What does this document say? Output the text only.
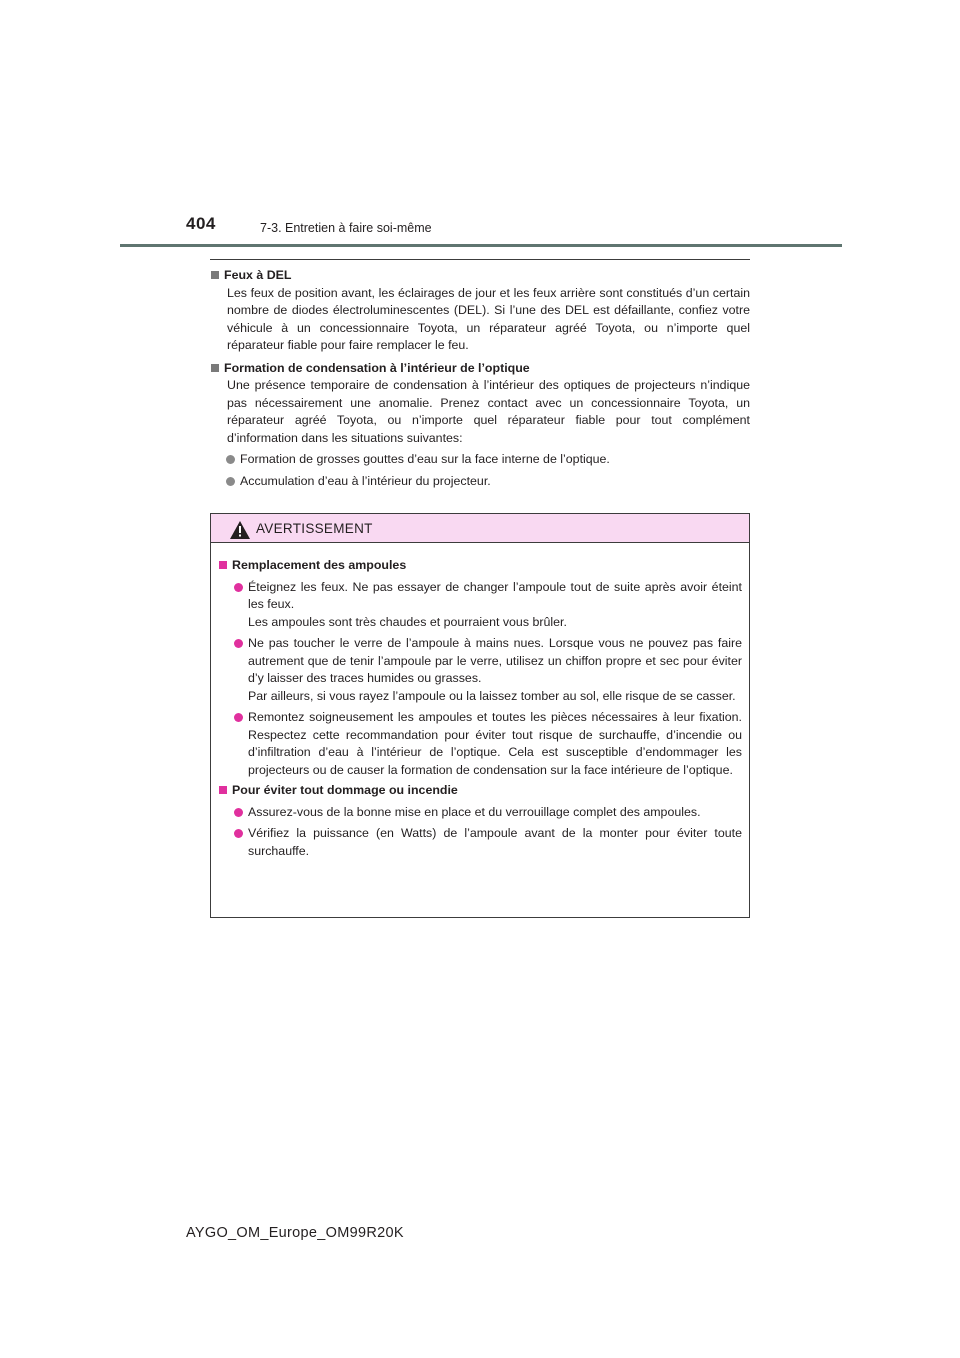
404	7-3. Entretien à faire soi-même
Feux à DEL

Les feux de position avant, les éclairages de jour et les feux arrière sont constitués d’un certain nombre de diodes électroluminescentes (DEL). Si l’une des DEL est défaillante, confiez votre véhicule à un concessionnaire Toyota, un réparateur agréé Toyota, ou n’importe quel réparateur fiable pour faire remplacer le feu.

Formation de condensation à l’intérieur de l’optique

Une présence temporaire de condensation à l’intérieur des optiques de projecteurs n’indique pas nécessairement une anomalie. Prenez contact avec un concessionnaire Toyota, un réparateur agréé Toyota, ou n’importe quel réparateur fiable pour tout complément d’information dans les situations suivantes:

Formation de grosses gouttes d’eau sur la face interne de l’optique.
Accumulation d’eau à l’intérieur du projecteur.
AVERTISSEMENT
Remplacement des ampoules
Éteignez les feux. Ne pas essayer de changer l’ampoule tout de suite après avoir éteint les feux.
Les ampoules sont très chaudes et pourraient vous brûler.
Ne pas toucher le verre de l’ampoule à mains nues. Lorsque vous ne pouvez pas faire autrement que de tenir l’ampoule par le verre, utilisez un chiffon propre et sec pour éviter d’y laisser des traces humides ou grasses.
Par ailleurs, si vous rayez l’ampoule ou la laissez tomber au sol, elle risque de se casser.
Remontez soigneusement les ampoules et toutes les pièces nécessaires à leur fixation. Respectez cette recommandation pour éviter tout risque de surchauffe, d’incendie ou d’infiltration d’eau à l’intérieur de l’optique. Cela est susceptible d’endommager les projecteurs ou de causer la formation de condensation sur la face intérieure de l’optique.
Pour éviter tout dommage ou incendie
Assurez-vous de la bonne mise en place et du verrouillage complet des ampoules.
Vérifiez la puissance (en Watts) de l’ampoule avant de la monter pour éviter toute surchauffe.
AYGO_OM_Europe_OM99R20K
